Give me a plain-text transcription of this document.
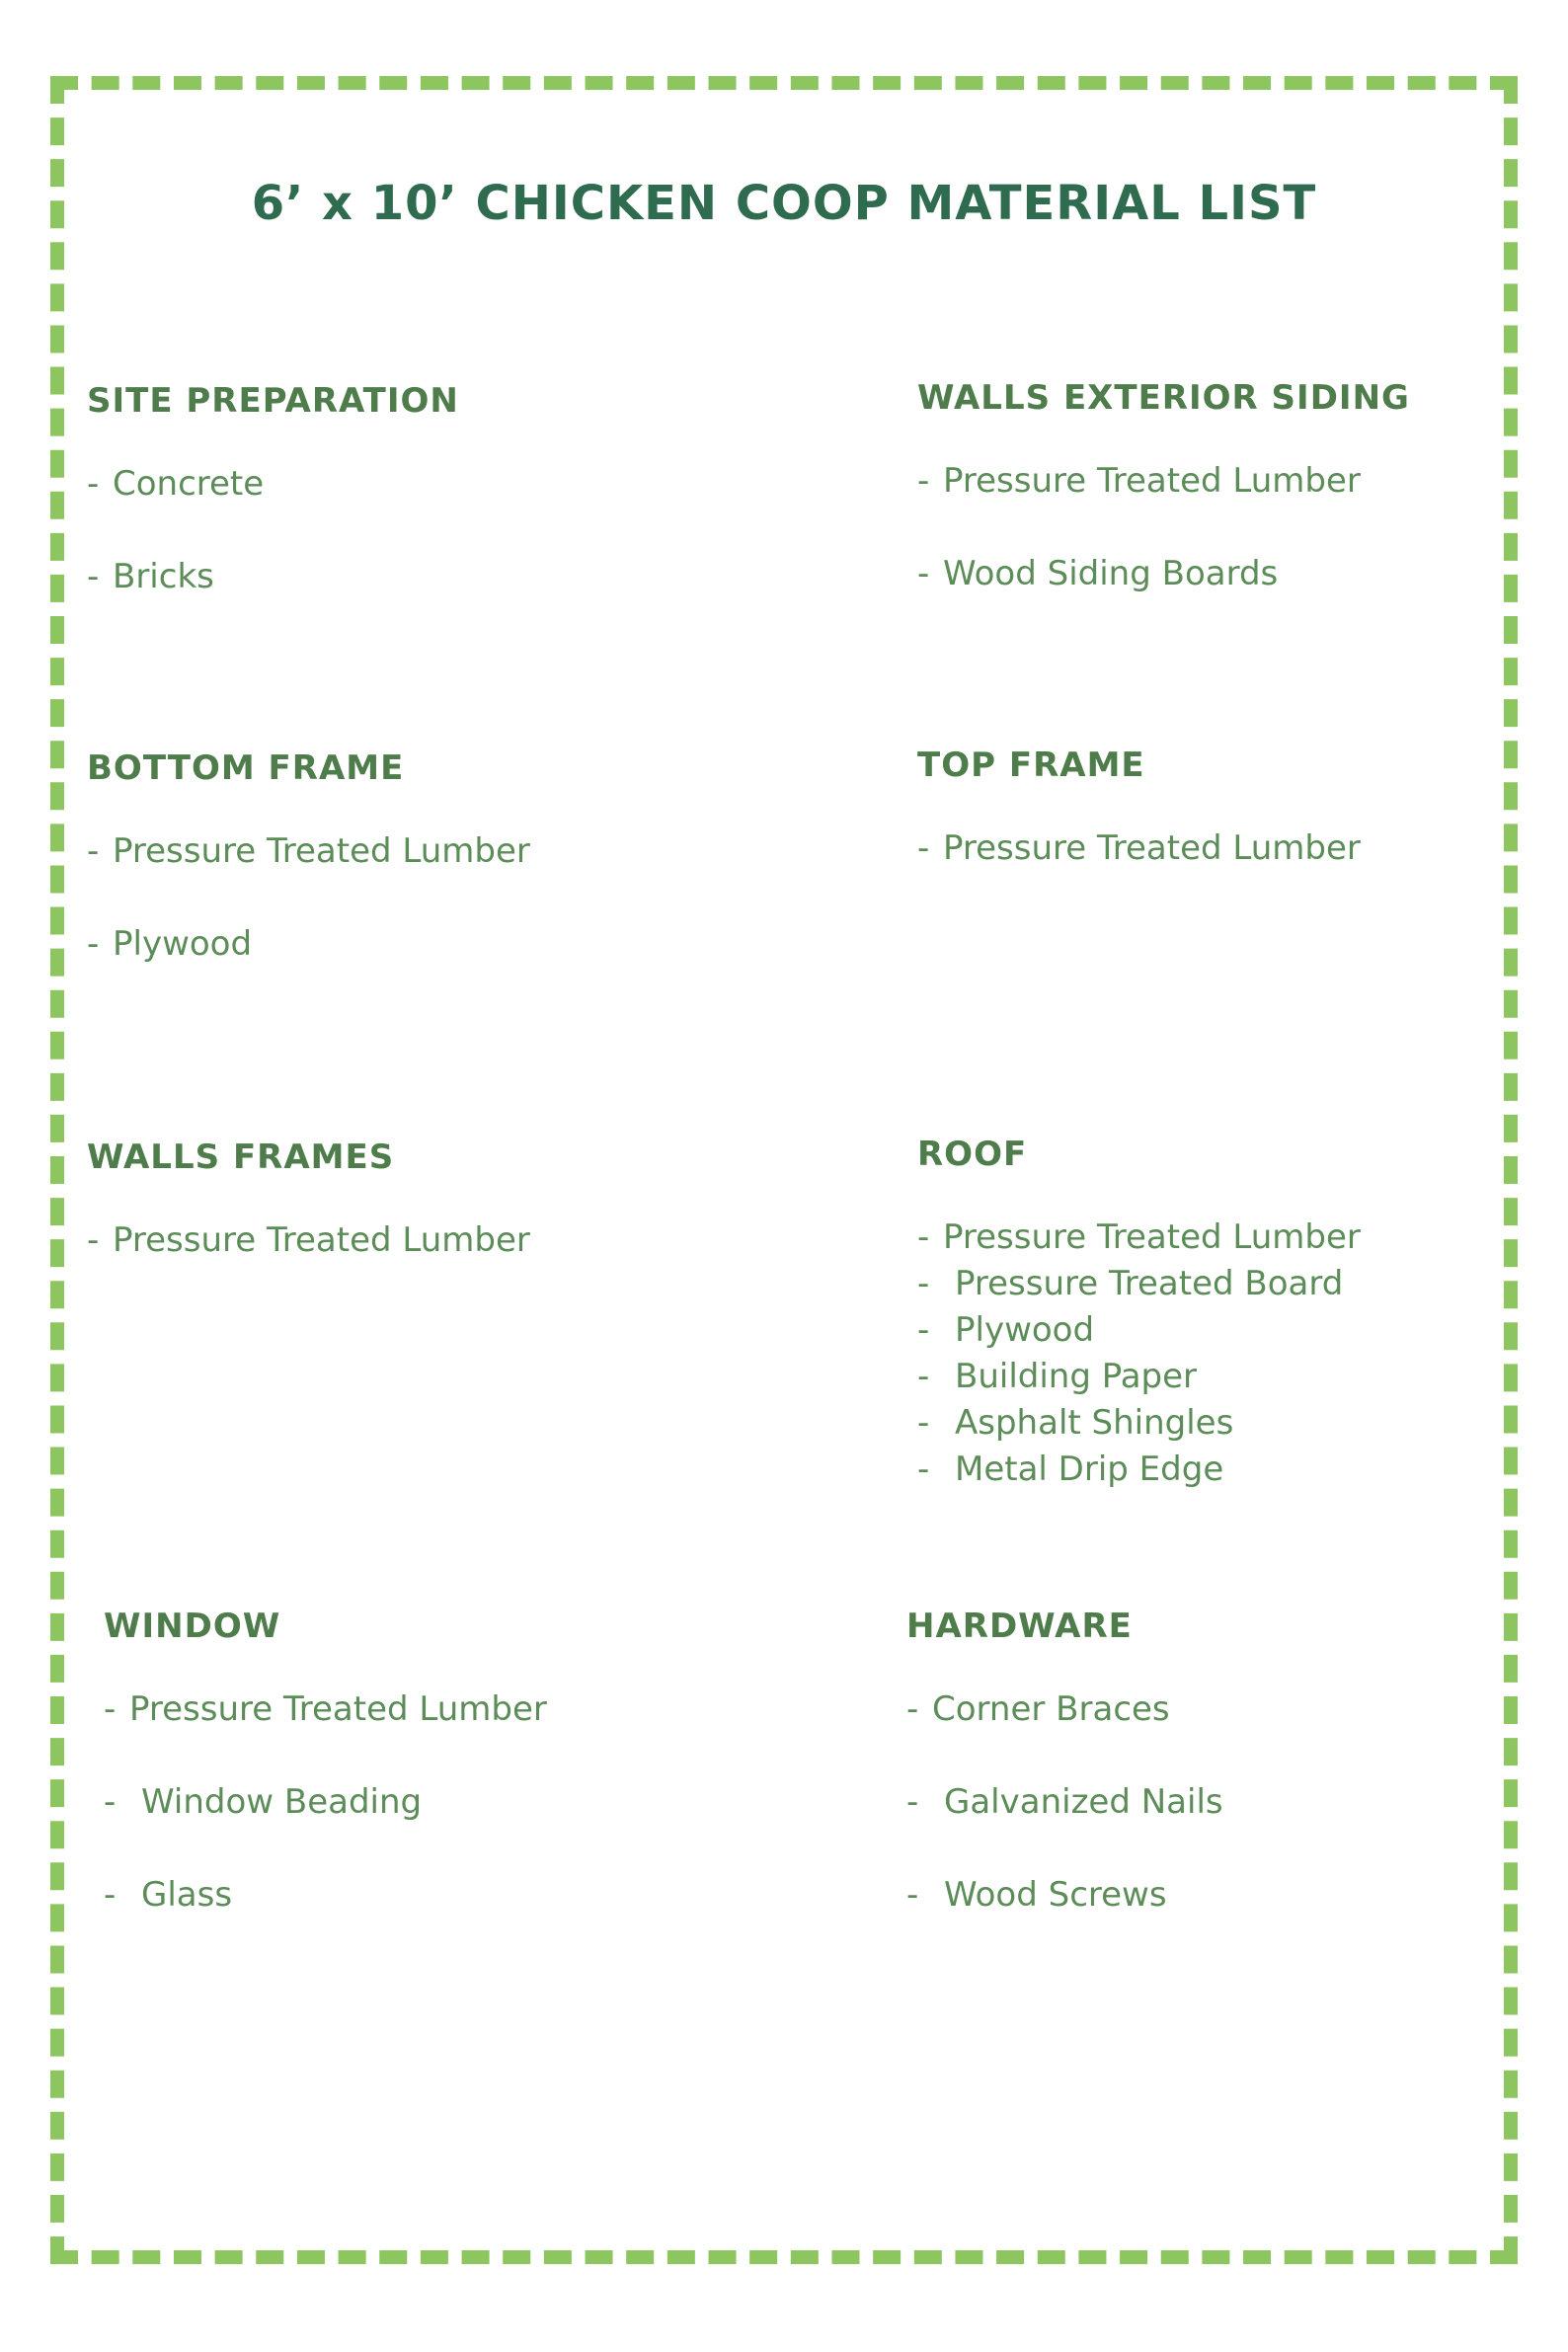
6’ x 10’ CHICKEN COOP MATERIAL LIST
SITE PREPARATION
- Concrete
- Bricks
WALLS EXTERIOR SIDING
- Pressure Treated Lumber
- Wood Siding Boards
BOTTOM FRAME
- Pressure Treated Lumber
- Plywood
TOP FRAME
- Pressure Treated Lumber
WALLS FRAMES
- Pressure Treated Lumber
ROOF
- Pressure Treated Lumber
- Pressure Treated Board
- Plywood
- Building Paper
- Asphalt Shingles
- Metal Drip Edge
WINDOW
- Pressure Treated Lumber
- Window Beading
- Glass
HARDWARE
- Corner Braces
- Galvanized Nails
- Wood Screws
